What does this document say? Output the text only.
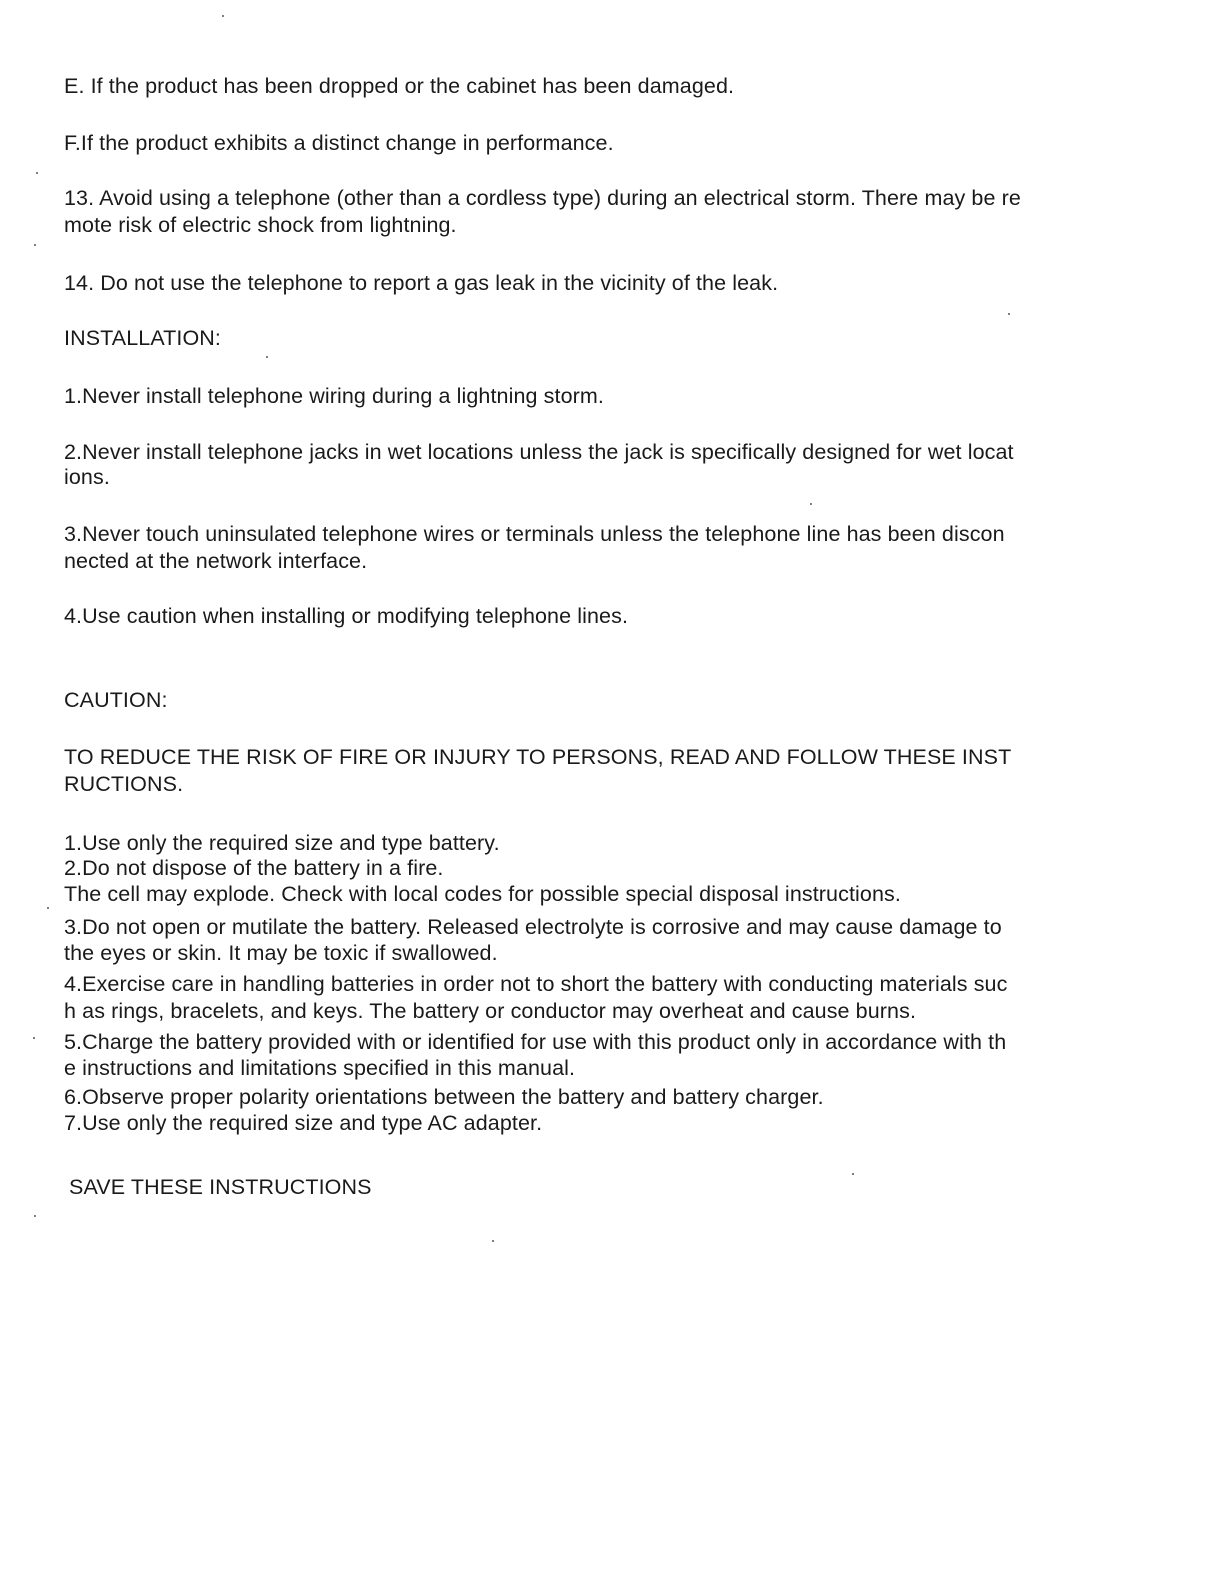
E. If the product has been dropped or the cabinet has been damaged.
F.If the product exhibits a distinct change in performance.
13. Avoid using a telephone (other than a cordless type) during an electrical storm. There may be re
mote risk of electric shock from lightning.
14. Do not use the telephone to report a gas leak in the vicinity of the leak.
INSTALLATION:
1.Never install telephone wiring during a lightning storm.
2.Never install telephone jacks in wet locations unless the jack is specifically designed for wet locat
ions.
3.Never touch uninsulated telephone wires or terminals unless the telephone line has been discon
nected at the network interface.
4.Use caution when installing or modifying telephone lines.
CAUTION:
TO REDUCE THE RISK OF FIRE OR INJURY TO PERSONS, READ AND FOLLOW THESE INST
RUCTIONS.
1.Use only the required size and type battery.
2.Do not dispose of the battery in a fire.
The cell may explode. Check with local codes for possible special disposal instructions.
3.Do not open or mutilate the battery. Released electrolyte is corrosive and may cause damage to
the eyes or skin. It may be toxic if swallowed.
4.Exercise care in handling batteries in order not to short the battery with conducting materials suc
h as rings, bracelets, and keys. The battery or conductor may overheat and cause burns.
5.Charge the battery provided with or identified for use with this product only in accordance with th
e instructions and limitations specified in this manual.
6.Observe proper polarity orientations between the battery and battery charger.
7.Use only the required size and type AC adapter.
SAVE THESE INSTRUCTIONS
